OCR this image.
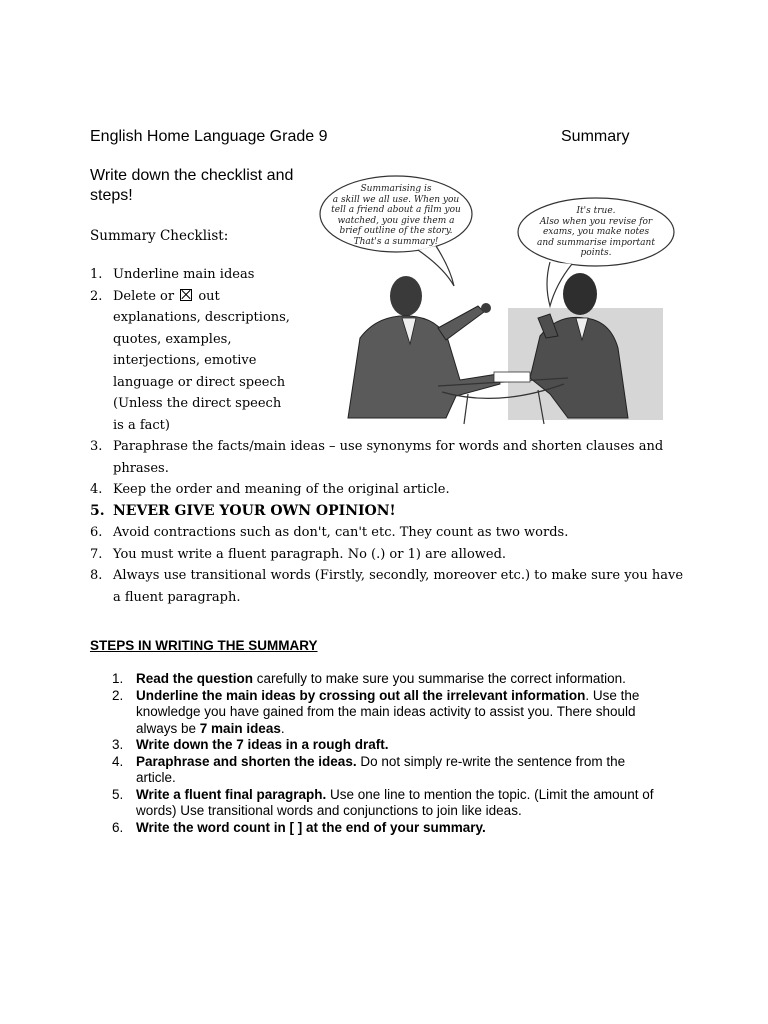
English Home Language Grade 9	Summary
Write down the checklist and steps!
Summary Checklist:
Summarising is
a skill we all use. When you
tell a friend about a film you
watched, you give them a
brief outline of the story.
That's a summary!
It's true.
Also when you revise for
exams, you make notes
and summarise important
points.
1. Underline main ideas
2. Delete or ☒ out explanations, descriptions, quotes, examples, interjections, emotive language or direct speech (Unless the direct speech is a fact)
3. Paraphrase the facts/main ideas – use synonyms for words and shorten clauses and phrases.
4. Keep the order and meaning of the original article.
5. NEVER GIVE YOUR OWN OPINION!
6. Avoid contractions such as don't, can't etc. They count as two words.
7. You must write a fluent paragraph. No (.) or 1) are allowed.
8. Always use transitional words (Firstly, secondly, moreover etc.) to make sure you have a fluent paragraph.
STEPS IN WRITING THE SUMMARY
1. Read the question carefully to make sure you summarise the correct information.
2. Underline the main ideas by crossing out all the irrelevant information. Use the knowledge you have gained from the main ideas activity to assist you. There should always be 7 main ideas.
3. Write down the 7 ideas in a rough draft.
4. Paraphrase and shorten the ideas. Do not simply re-write the sentence from the article.
5. Write a fluent final paragraph. Use one line to mention the topic. (Limit the amount of words) Use transitional words and conjunctions to join like ideas.
6. Write the word count in [ ] at the end of your summary.
